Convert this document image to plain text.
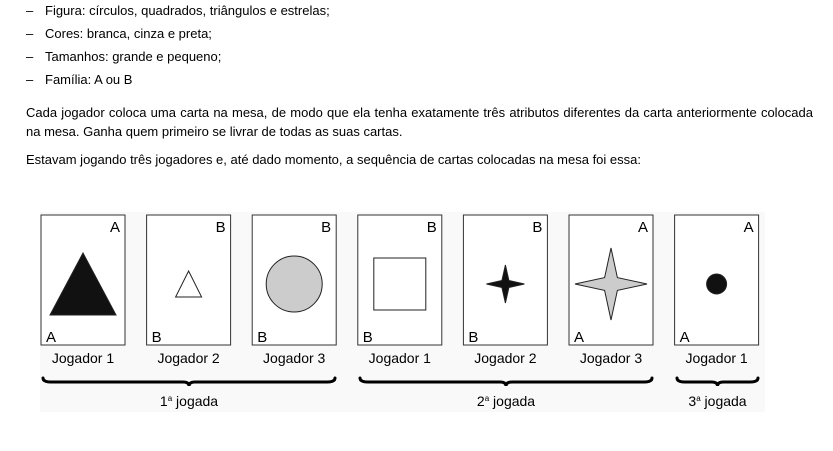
– Figura: círculos, quadrados, triângulos e estrelas;
– Cores: branca, cinza e preta;
– Tamanhos: grande e pequeno;
– Família: A ou B
Cada jogador coloca uma carta na mesa, de modo que ela tenha exatamente três atributos diferentes da carta anteriormente colocada na mesa. Ganha quem primeiro se livrar de todas as suas cartas.
Estavam jogando três jogadores e, até dado momento, a sequência de cartas colocadas na mesa foi essa:
A
A
Jogador 1
B
B
Jogador 2
B
B
Jogador 3
B
B
Jogador 1
B
B
Jogador 2
A
A
Jogador 3
A
A
Jogador 1
1$^a$ jogada	2$^a$ jogada	3$^a$ jogada
